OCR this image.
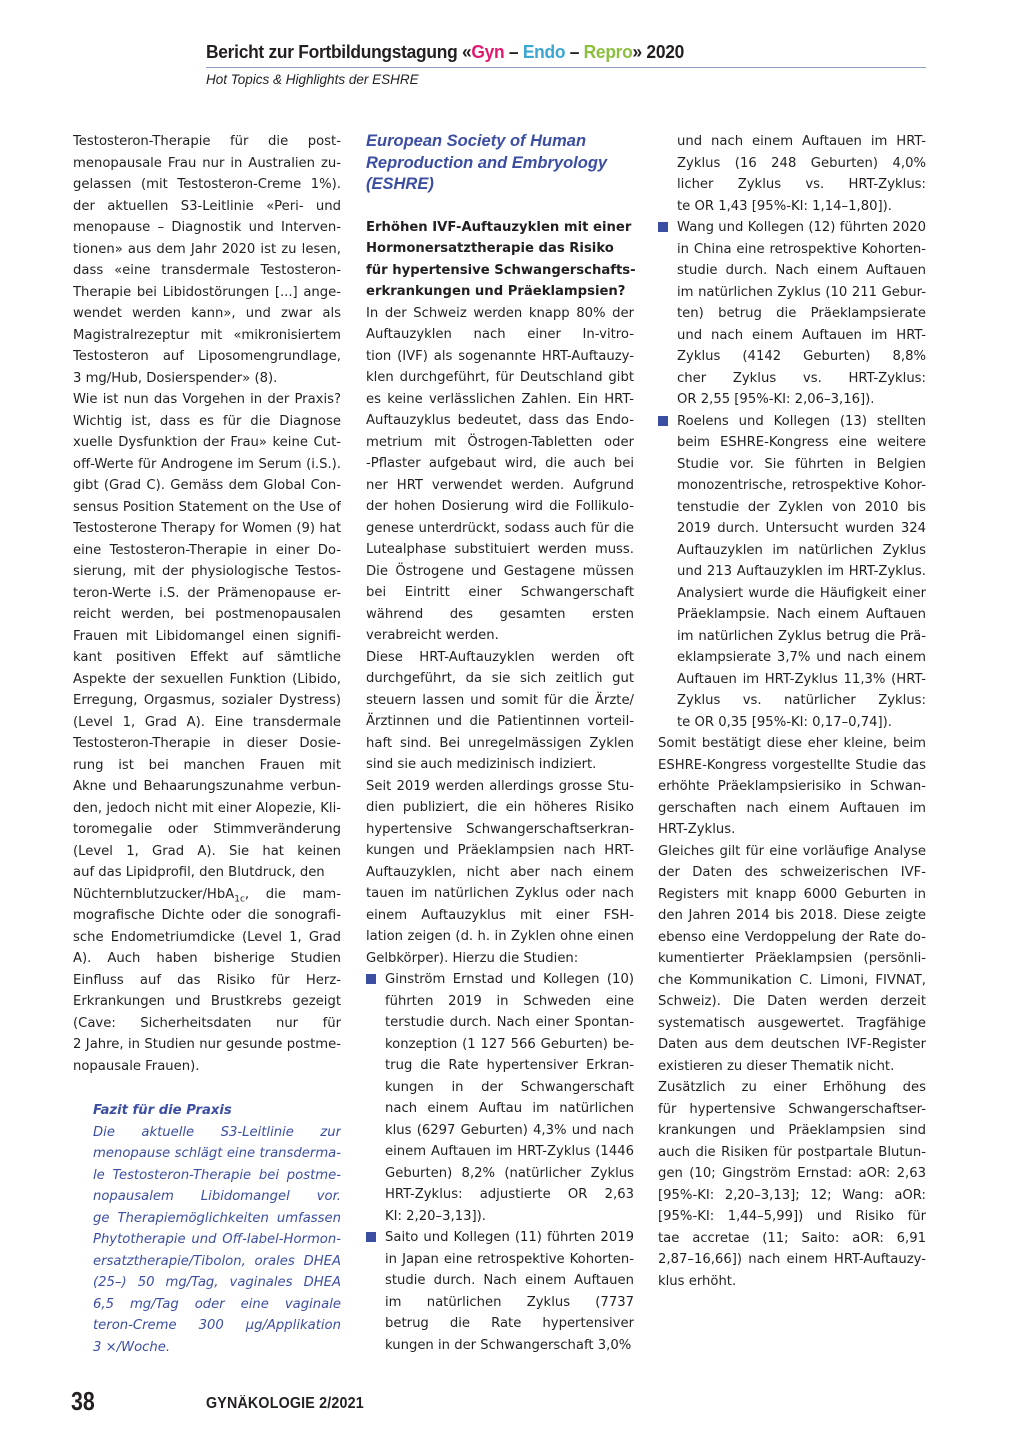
Bericht zur Fortbildungstagung «Gyn – Endo – Repro» 2020
Hot Topics & Highlights der ESHRE
Testosteron-Therapie für die post-
menopausale Frau nur in Australien zu-
gelassen (mit Testosteron-Creme 1%).
der aktuellen S3-Leitlinie «Peri- und
menopause – Diagnostik und Interven-
tionen» aus dem Jahr 2020 ist zu lesen,
dass «eine transdermale Testosteron-
Therapie bei Libidostörungen [...] ange-
wendet werden kann», und zwar als
Magistralrezeptur mit «mikronisiertem
Testosteron auf Liposomengrundlage,
3 mg/Hub, Dosierspender» (8).
Wie ist nun das Vorgehen in der Praxis?
Wichtig ist, dass es für die Diagnose
xuelle Dysfunktion der Frau» keine Cut-
off-Werte für Androgene im Serum (i.S.).
gibt (Grad C). Gemäss dem Global Con-
sensus Position Statement on the Use of
Testosterone Therapy for Women (9) hat
eine Testosteron-Therapie in einer Do-
sierung, mit der physiologische Testos-
teron-Werte i.S. der Prämenopause er-
reicht werden, bei postmenopausalen
Frauen mit Libidomangel einen signifi-
kant positiven Effekt auf sämtliche
Aspekte der sexuellen Funktion (Libido,
Erregung, Orgasmus, sozialer Dystress)
(Level 1, Grad A). Eine transdermale
Testosteron-Therapie in dieser Dosie-
rung ist bei manchen Frauen mit
Akne und Behaarungszunahme verbun-
den, jedoch nicht mit einer Alopezie, Kli-
toromegalie oder Stimmveränderung
(Level 1, Grad A). Sie hat keinen
auf das Lipidprofil, den Blutdruck, den
Nüchternblutzucker/HbA$_{1c}$, die mam-
mografische Dichte oder die sonografi-
sche Endometriumdicke (Level 1, Grad
A). Auch haben bisherige Studien
Einfluss auf das Risiko für Herz-
Erkrankungen und Brustkrebs gezeigt
(Cave: Sicherheitsdaten nur für
2 Jahre, in Studien nur gesunde postme-
nopausale Frauen).
Fazit für die Praxis
Die aktuelle S3-Leitlinie zur
menopause schlägt eine transderma-
le Testosteron-Therapie bei postme-
nopausalem Libidomangel vor.
ge Therapiemöglichkeiten umfassen
Phytotherapie und Off-label-Hormon-
ersatztherapie/Tibolon, orales DHEA
(25–) 50 mg/Tag, vaginales DHEA
6,5 mg/Tag oder eine vaginale
teron-Creme 300 µg/Applikation
3 ×/Woche.
European Society of Human
Reproduction and Embryology
(ESHRE)
Erhöhen IVF-Auftauzyklen mit einer
Hormonersatztherapie das Risiko
für hypertensive Schwangerschafts-
erkrankungen und Präeklampsien?
In der Schweiz werden knapp 80% der
Auftauzyklen nach einer In-vitro-
tion (IVF) als sogenannte HRT-Auftauzy-
klen durchgeführt, für Deutschland gibt
es keine verlässlichen Zahlen. Ein HRT-
Auftauzyklus bedeutet, dass das Endo-
metrium mit Östrogen-Tabletten oder
-Pflaster aufgebaut wird, die auch bei
ner HRT verwendet werden. Aufgrund
der hohen Dosierung wird die Follikulo-
genese unterdrückt, sodass auch für die
Lutealphase substituiert werden muss.
Die Östrogene und Gestagene müssen
bei Eintritt einer Schwangerschaft
während des gesamten ersten
verabreicht werden.
Diese HRT-Auftauzyklen werden oft
durchgeführt, da sie sich zeitlich gut
steuern lassen und somit für die Ärzte/
Ärztinnen und die Patientinnen vorteil-
haft sind. Bei unregelmässigen Zyklen
sind sie auch medizinisch indiziert.
Seit 2019 werden allerdings grosse Stu-
dien publiziert, die ein höheres Risiko
hypertensive Schwangerschaftserkran-
kungen und Präeklampsien nach HRT-
Auftauzyklen, nicht aber nach einem
tauen im natürlichen Zyklus oder nach
einem Auftauzyklus mit einer FSH-
lation zeigen (d. h. in Zyklen ohne einen
Gelbkörper). Hierzu die Studien:
Ginström Ernstad und Kollegen (10)
führten 2019 in Schweden eine
terstudie durch. Nach einer Spontan-
konzeption (1 127 566 Geburten) be-
trug die Rate hypertensiver Erkran-
kungen in der Schwangerschaft
nach einem Auftau im natürlichen
klus (6297 Geburten) 4,3% und nach
einem Auftauen im HRT-Zyklus (1446
Geburten) 8,2% (natürlicher Zyklus
HRT-Zyklus: adjustierte OR 2,63
KI: 2,20–3,13]).
Saito und Kollegen (11) führten 2019
in Japan eine retrospektive Kohorten-
studie durch. Nach einem Auftauen
im natürlichen Zyklus (7737
betrug die Rate hypertensiver
kungen in der Schwangerschaft 3,0%
und nach einem Auftauen im HRT-
Zyklus (16 248 Geburten) 4,0%
licher Zyklus vs. HRT-Zyklus:
te OR 1,43 [95%-KI: 1,14–1,80]).
Wang und Kollegen (12) führten 2020
in China eine retrospektive Kohorten-
studie durch. Nach einem Auftauen
im natürlichen Zyklus (10 211 Gebur-
ten) betrug die Präeklampsierate
und nach einem Auftauen im HRT-
Zyklus (4142 Geburten) 8,8%
cher Zyklus vs. HRT-Zyklus:
OR 2,55 [95%-KI: 2,06–3,16]).
Roelens und Kollegen (13) stellten
beim ESHRE-Kongress eine weitere
Studie vor. Sie führten in Belgien
monozentrische, retrospektive Kohor-
tenstudie der Zyklen von 2010 bis
2019 durch. Untersucht wurden 324
Auftauzyklen im natürlichen Zyklus
und 213 Auftauzyklen im HRT-Zyklus.
Analysiert wurde die Häufigkeit einer
Präeklampsie. Nach einem Auftauen
im natürlichen Zyklus betrug die Prä-
eklampsierate 3,7% und nach einem
Auftauen im HRT-Zyklus 11,3% (HRT-
Zyklus vs. natürlicher Zyklus:
te OR 0,35 [95%-KI: 0,17–0,74]).
Somit bestätigt diese eher kleine, beim
ESHRE-Kongress vorgestellte Studie das
erhöhte Präeklampsierisiko in Schwan-
gerschaften nach einem Auftauen im
HRT-Zyklus.
Gleiches gilt für eine vorläufige Analyse
der Daten des schweizerischen IVF-
Registers mit knapp 6000 Geburten in
den Jahren 2014 bis 2018. Diese zeigte
ebenso eine Verdoppelung der Rate do-
kumentierter Präeklampsien (persönli-
che Kommunikation C. Limoni, FIVNAT,
Schweiz). Die Daten werden derzeit
systematisch ausgewertet. Tragfähige
Daten aus dem deutschen IVF-Register
existieren zu dieser Thematik nicht.
Zusätzlich zu einer Erhöhung des
für hypertensive Schwangerschaftser-
krankungen und Präeklampsien sind
auch die Risiken für postpartale Blutun-
gen (10; Gingström Ernstad: aOR: 2,63
[95%-KI: 2,20–3,13]; 12; Wang: aOR:
[95%-KI: 1,44–5,99]) und Risiko für
tae accretae (11; Saito: aOR: 6,91
2,87–16,66]) nach einem HRT-Auftauzy-
klus erhöht.
38	GYNÄKOLOGIE 2/2021
